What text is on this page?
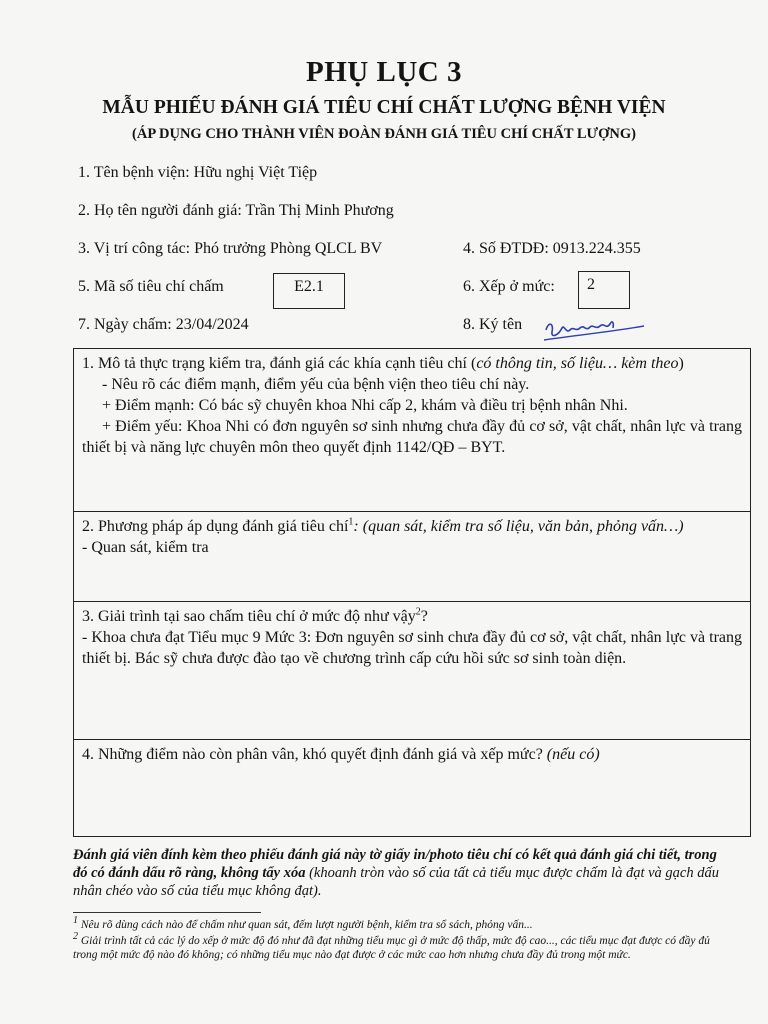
PHỤ LỤC 3
MẪU PHIẾU ĐÁNH GIÁ TIÊU CHÍ CHẤT LƯỢNG BỆNH VIỆN
(ÁP DỤNG CHO THÀNH VIÊN ĐOÀN ĐÁNH GIÁ TIÊU CHÍ CHẤT LƯỢNG)
1. Tên bệnh viện: Hữu nghị Việt Tiệp
2. Họ tên người đánh giá: Trần Thị Minh Phương
3. Vị trí công tác: Phó trưởng Phòng QLCL BV	4. Số ĐTDĐ: 0913.224.355
5. Mã số tiêu chí chấm	E2.1	6. Xếp ở mức:	2
7. Ngày chấm: 23/04/2024	8. Ký tên

1. Mô tả thực trạng kiểm tra, đánh giá các khía cạnh tiêu chí (có thông tin, số liệu… kèm theo)

- Nêu rõ các điểm mạnh, điểm yếu của bệnh viện theo tiêu chí này.

+ Điểm mạnh: Có bác sỹ chuyên khoa Nhi cấp 2, khám và điều trị bệnh nhân Nhi.

+ Điểm yếu: Khoa Nhi có đơn nguyên sơ sinh nhưng chưa đầy đủ cơ sở, vật chất, nhân lực và trang thiết bị và năng lực chuyên môn theo quyết định 1142/QĐ – BYT.

2. Phương pháp áp dụng đánh giá tiêu chí$^1$: (quan sát, kiểm tra số liệu, văn bản, phỏng vấn…)

- Quan sát, kiểm tra

3. Giải trình tại sao chấm tiêu chí ở mức độ như vậy$^2$?

- Khoa chưa đạt Tiểu mục 9 Mức 3: Đơn nguyên sơ sinh chưa đầy đủ cơ sở, vật chất, nhân lực và trang thiết bị. Bác sỹ chưa được đào tạo về chương trình cấp cứu hồi sức sơ sinh toàn diện.

4. Những điểm nào còn phân vân, khó quyết định đánh giá và xếp mức? (nếu có)

Đánh giá viên đính kèm theo phiếu đánh giá này tờ giấy in/photo tiêu chí có kết quả đánh giá chi tiết, trong đó có đánh dấu rõ ràng, không tẩy xóa (khoanh tròn vào số của tất cả tiểu mục được chấm là đạt và gạch dấu nhân chéo vào số của tiểu mục không đạt).
$^1$ Nêu rõ dùng cách nào để chấm như quan sát, đếm lượt người bệnh, kiểm tra sổ sách, phỏng vấn...
$^2$ Giải trình tất cả các lý do xếp ở mức độ đó như đã đạt những tiểu mục gì ở mức độ thấp, mức độ cao..., các tiểu mục đạt được có đầy đủ trong một mức độ nào đó không; có những tiểu mục nào đạt được ở các mức cao hơn nhưng chưa đầy đủ trong một mức.
